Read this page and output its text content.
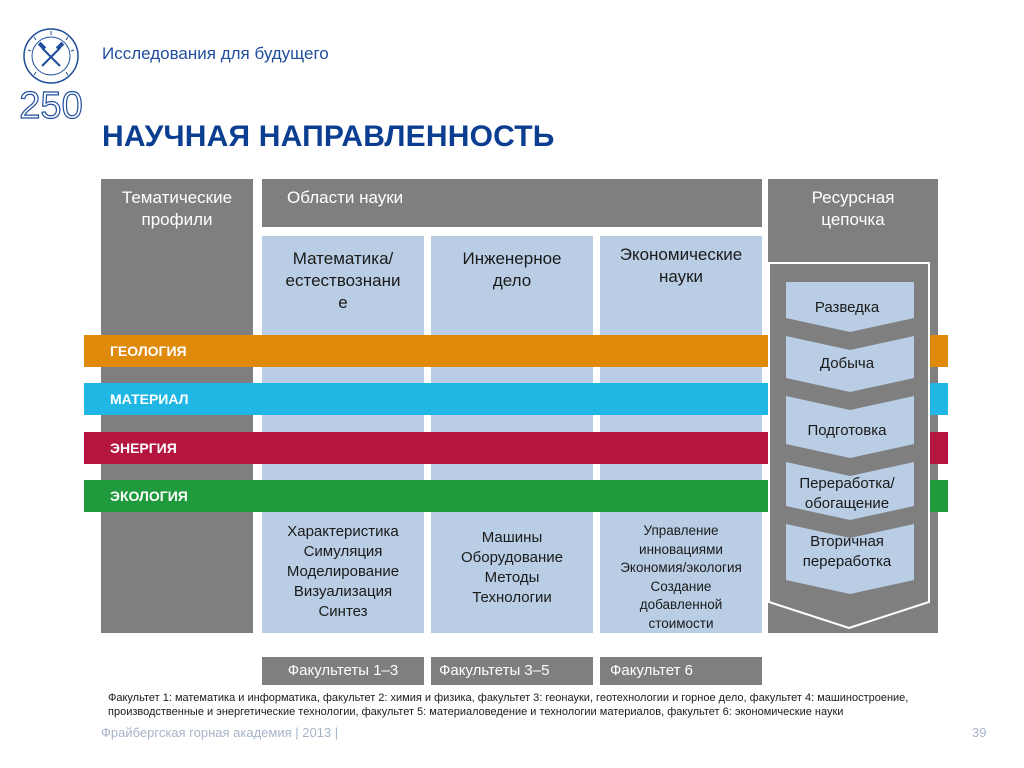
250
Исследования для будущего
НАУЧНАЯ НАПРАВЛЕННОСТЬ
Тематические
профили
Области науки	Ресурсная
цепочка
Математика/
естествознани
е
Инженерное
дело
Экономические
науки
Характеристика
Симуляция
Моделирование
Визуализация
Синтез
Машины
Оборудование
Методы
Технологии
Управление
инновациями
Экономия/экология
Создание
добавленной
стоимости
ГЕОЛОГИЯ
МАТЕРИАЛ
ЭНЕРГИЯ
ЭКОЛОГИЯ
Разведка
Добыча
Подготовка
Переработка/
обогащение
Вторичная
переработка
Факультеты 1–3	Факультеты 3–5	Факультет 6
Факультет 1: математика и информатика, факультет 2: химия и физика, факультет 3: геонауки, геотехнологии и горное дело, факультет 4: машиностроение, производственные и энергетические технологии, факультет 5: материаловедение и технологии материалов, факультет 6: экономические науки
Фрайбергская горная академия | 2013 |	39
